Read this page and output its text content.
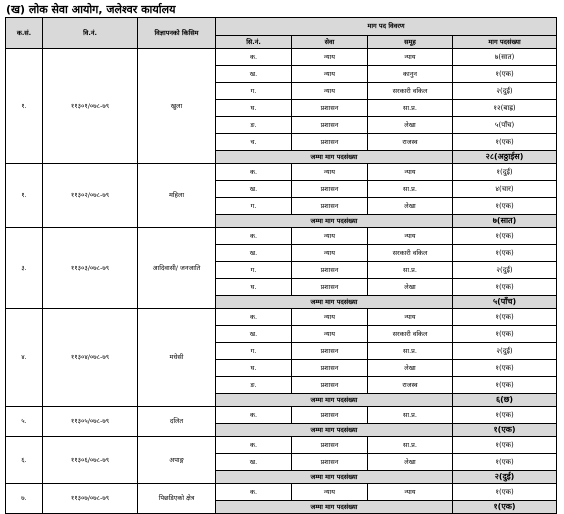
(ख) लोक सेवा आयोग, जलेश्वर कार्यालय
क.सं.	वि.नं.	विज्ञापनको किसिम	माग पद विवरण			
			सि.नं.	सेवा	समूह	माग पदसंख्या
१.	११३०१/०७८-७९	खुला	क.	न्याय	न्याय	७(सात)
			ख.	न्याय	कानुन	१(एक)
			ग.	न्याय	सरकारी वकिल	२(दुई)
			घ.	प्रशासन	सा.प्र.	१२(बाह्र)
			ङ.	प्रशासन	लेखा	५(पाँच)
			च.	प्रशासन	राजस्व	१(एक)
			जम्मा माग पदसंख्या			२८(अठ्ठाईस)
१.	११३०२/०७८-७९	महिला	क.	न्याय	न्याय	१(दुई)
			ख.	प्रशासन	सा.प्र.	४(चार)
			ग.	प्रशासन	लेखा	१(एक)
			जम्मा माग पदसंख्या			७(सात)
३.	११३०३/०७८-७९	आदिवासी/ जनजाति	क.	न्याय	न्याय	१(एक)
			ख.	न्याय	सरकारी वकिल	१(एक)
			ग.	प्रशासन	सा.प्र.	२(दुई)
			घ.	प्रशासन	लेखा	१(एक)
			जम्मा माग पदसंख्या			५(पाँच)
४.	११३०४/०७८-७९	मधेसी	क.	न्याय	न्याय	१(एक)
			ख.	न्याय	सरकारी वकिल	१(एक)
			ग.	प्रशासन	सा.प्र.	२(दुई)
			घ.	प्रशासन	लेखा	१(एक)
			ङ.	प्रशासन	राजस्व	१(एक)
			जम्मा माग पदसंख्या			६(छ)
५.	११३०५/०७८-७९	दलित	क.	प्रशासन	सा.प्र.	१(एक)
			जम्मा माग पदसंख्या			१(एक)
६.	११३०६/०७८-७९	अपाङ्ग	क.	प्रशासन	सा.प्र.	१(एक)
			ख.	प्रशासन	लेखा	१(एक)
			जम्मा माग पदसंख्या			२(दुई)
७.	११३०७/०७८-७९	पिछडिएको क्षेत्र	क.	न्याय	न्याय	१(एक)
			जम्मा माग पदसंख्या			१(एक)
